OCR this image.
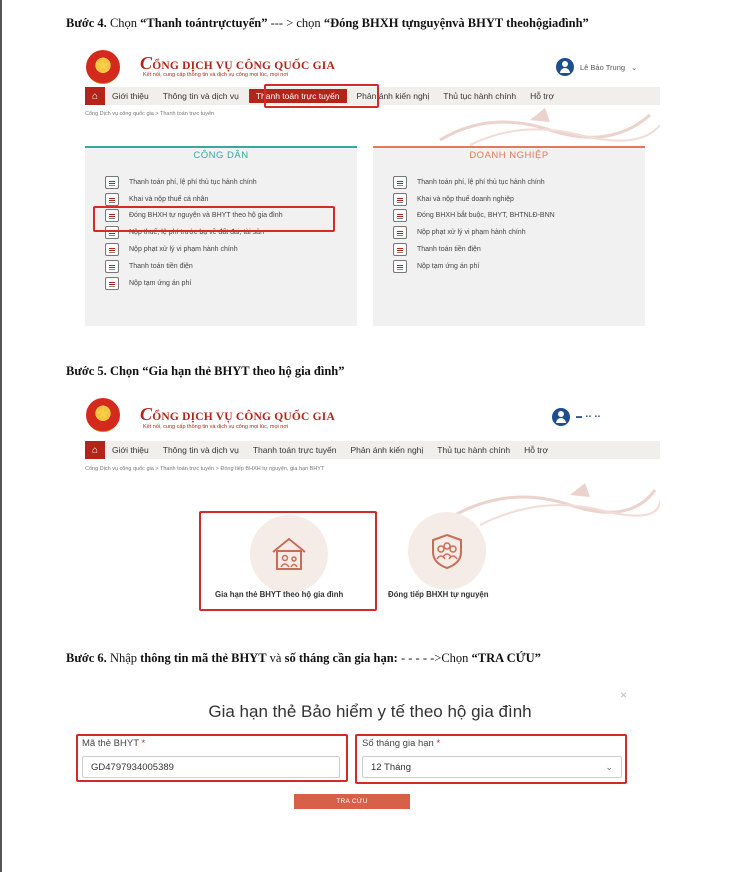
Bước 4. Chọn “Thanh toántrựctuyến” --- > chọn “Đóng BHXH tựnguyệnvà BHYT theohộgiađình”
★
CỔNG DỊCH VỤ CÔNG QUỐC GIA
Kết nối, cung cấp thông tin và dịch vụ công mọi lúc, mọi nơi
Lê Bảo Trung ⌄
⌂	Giới thiệu	Thông tin và dịch vụ	Thanh toán trực tuyến	Phản ánh kiến nghị	Thủ tục hành chính	Hỗ trợ
Cổng Dịch vụ công quốc gia > Thanh toán trực tuyến
CÔNG DÂN
Thanh toán phí, lệ phí thủ tục hành chính
Khai và nộp thuế cá nhân
Đóng BHXH tự nguyện và BHYT theo hộ gia đình
Nộp thuế, lệ phí trước bạ về đất đai, tài sản
Nộp phạt xử lý vi phạm hành chính
Thanh toán tiền điện
Nộp tạm ứng án phí
DOANH NGHIỆP
Thanh toán phí, lệ phí thủ tục hành chính
Khai và nộp thuế doanh nghiệp
Đóng BHXH bắt buộc, BHYT, BHTNLĐ-BNN
Nộp phạt xử lý vi phạm hành chính
Thanh toán tiền điện
Nộp tạm ứng án phí
Bước 5. Chọn “Gia hạn thẻ BHYT theo hộ gia đình”
★
CỔNG DỊCH VỤ CÔNG QUỐC GIA
Kết nối, cung cấp thông tin và dịch vụ công mọi lúc, mọi nơi
▬ ▪▪ ▪▪
⌂	Giới thiệu	Thông tin và dịch vụ	Thanh toán trực tuyến	Phản ánh kiến nghị	Thủ tục hành chính	Hỗ trợ
Cổng Dịch vụ công quốc gia > Thanh toán trực tuyến > Đóng tiếp BHXH tự nguyện, gia hạn BHYT
Gia hạn thẻ BHYT theo hộ gia đình	Đóng tiếp BHXH tự nguyện
Bước 6. Nhập thông tin mã thẻ BHYT và số tháng cần gia hạn: - - - - ->Chọn “TRA CỨU”
×
Gia hạn thẻ Bảo hiểm y tế theo hộ gia đình
Mã thẻ BHYT *
GD4797934005389
Số tháng gia hạn *
12 Tháng	⌄
TRA CỨU
